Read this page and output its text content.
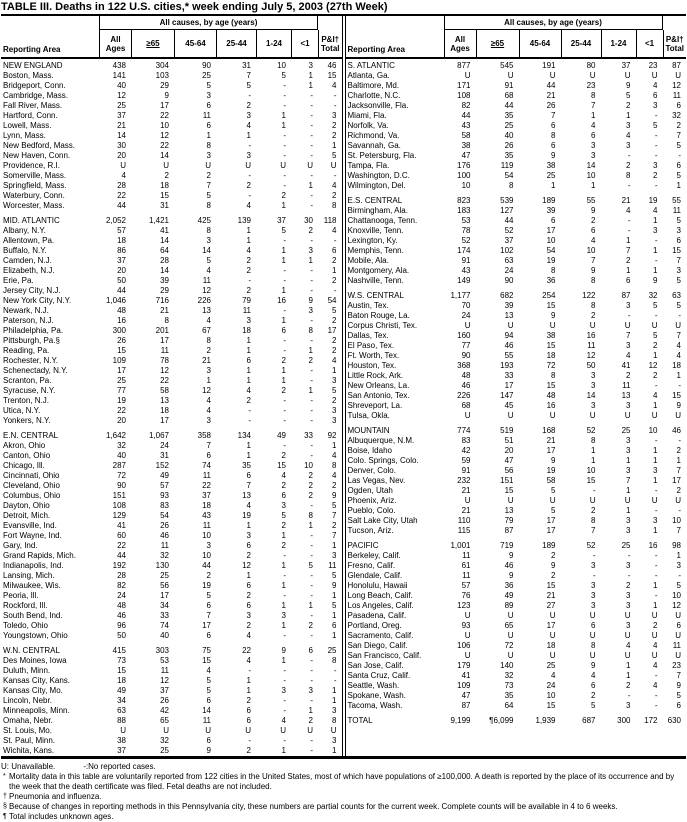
TABLE III. Deaths in 122 U.S. cities,* week ending July 5, 2003 (27th Week)
All causes, by age (years)
Reporting Area
All Ages	≥65	45-64	25-44	1-24	<1	P&I† Total
NEW ENGLAND	438	304	90	31	10	3	46
Boston, Mass.	141	103	25	7	5	1	15
Bridgeport, Conn.	40	29	5	5	-	1	4
Cambridge, Mass.	12	9	3	-	-	-	-
Fall River, Mass.	25	17	6	2	-	-	-
Hartford, Conn.	37	22	11	3	1	-	3
Lowell, Mass.	21	10	6	4	1	-	2
Lynn, Mass.	14	12	1	1	-	-	2
New Bedford, Mass.	30	22	8	-	-	-	1
New Haven, Conn.	20	14	3	3	-	-	5
Providence, R.I.	U	U	U	U	U	U	U
Somerville, Mass.	4	2	2	-	-	-	-
Springfield, Mass.	28	18	7	2	-	1	4
Waterbury, Conn.	22	15	5	-	2	-	2
Worcester, Mass.	44	31	8	4	1	-	8
MID. ATLANTIC	2,052	1,421	425	139	37	30	118
Albany, N.Y.	57	41	8	1	5	2	4
Allentown, Pa.	18	14	3	1	-	-	-
Buffalo, N.Y.	86	64	14	4	1	3	6
Camden, N.J.	37	28	5	2	1	1	2
Elizabeth, N.J.	20	14	4	2	-	-	1
Erie, Pa.	50	39	11	-	-	-	2
Jersey City, N.J.	44	29	12	2	1	-	-
New York City, N.Y.	1,046	716	226	79	16	9	54
Newark, N.J.	48	21	13	11	-	3	5
Paterson, N.J.	16	8	4	3	1	-	2
Philadelphia, Pa.	300	201	67	18	6	8	17
Pittsburgh, Pa.§	26	17	8	1	-	-	2
Reading, Pa.	15	11	2	1	-	1	2
Rochester, N.Y.	109	78	21	6	2	2	4
Schenectady, N.Y.	17	12	3	1	1	-	1
Scranton, Pa.	25	22	1	1	1	-	3
Syracuse, N.Y.	77	58	12	4	2	1	5
Trenton, N.J.	19	13	4	2	-	-	2
Utica, N.Y.	22	18	4	-	-	-	3
Yonkers, N.Y.	20	17	3	-	-	-	3
E.N. CENTRAL	1,642	1,067	358	134	49	33	92
Akron, Ohio	32	24	7	1	-	-	1
Canton, Ohio	40	31	6	1	2	-	4
Chicago, Ill.	287	152	74	35	15	10	8
Cincinnati, Ohio	72	49	11	6	4	2	4
Cleveland, Ohio	90	57	22	7	2	2	2
Columbus, Ohio	151	93	37	13	6	2	9
Dayton, Ohio	108	83	18	4	3	-	5
Detroit, Mich.	129	54	43	19	5	8	7
Evansville, Ind.	41	26	11	1	2	1	2
Fort Wayne, Ind.	60	46	10	3	1	-	7
Gary, Ind.	22	11	3	6	2	-	1
Grand Rapids, Mich.	44	32	10	2	-	-	3
Indianapolis, Ind.	192	130	44	12	1	5	11
Lansing, Mich.	28	25	2	1	-	-	5
Milwaukee, Wis.	82	56	19	6	1	-	9
Peoria, Ill.	24	17	5	2	-	-	1
Rockford, Ill.	48	34	6	6	1	1	5
South Bend, Ind.	46	33	7	3	3	-	1
Toledo, Ohio	96	74	17	2	1	2	6
Youngstown, Ohio	50	40	6	4	-	-	1
W.N. CENTRAL	415	303	75	22	9	6	25
Des Moines, Iowa	73	53	15	4	1	-	8
Duluth, Minn.	15	11	4	-	-	-	-
Kansas City, Kans.	18	12	5	1	-	-	-
Kansas City, Mo.	49	37	5	1	3	3	1
Lincoln, Nebr.	34	26	6	2	-	-	1
Minneapolis, Minn.	63	42	14	6	-	1	3
Omaha, Nebr.	88	65	11	6	4	2	8
St. Louis, Mo.	U	U	U	U	U	U	U
St. Paul, Minn.	38	32	6	-	-	-	3
Wichita, Kans.	37	25	9	2	1	-	1
All causes, by age (years)
Reporting Area
All Ages	≥65	45-64	25-44	1-24	<1	P&I† Total
S. ATLANTIC	877	545	191	80	37	23	87
Atlanta, Ga.	U	U	U	U	U	U	U
Baltimore, Md.	171	91	44	23	9	4	12
Charlotte, N.C.	108	68	21	8	5	6	11
Jacksonville, Fla.	82	44	26	7	2	3	6
Miami, Fla.	44	35	7	1	1	-	32
Norfolk, Va.	43	25	6	4	3	5	2
Richmond, Va.	58	40	8	6	4	-	7
Savannah, Ga.	38	26	6	3	3	-	5
St. Petersburg, Fla.	47	35	9	3	-	-	-
Tampa, Fla.	176	119	38	14	2	3	6
Washington, D.C.	100	54	25	10	8	2	5
Wilmington, Del.	10	8	1	1	-	-	1
E.S. CENTRAL	823	539	189	55	21	19	55
Birmingham, Ala.	183	127	39	9	4	4	11
Chattanooga, Tenn.	53	44	6	2	-	1	5
Knoxville, Tenn.	78	52	17	6	-	3	3
Lexington, Ky.	52	37	10	4	1	-	6
Memphis, Tenn.	174	102	54	10	7	1	15
Mobile, Ala.	91	63	19	7	2	-	7
Montgomery, Ala.	43	24	8	9	1	1	3
Nashville, Tenn.	149	90	36	8	6	9	5
W.S. CENTRAL	1,177	682	254	122	87	32	63
Austin, Tex.	70	39	15	8	3	5	5
Baton Rouge, La.	24	13	9	2	-	-	-
Corpus Christi, Tex.	U	U	U	U	U	U	U
Dallas, Tex.	160	94	38	16	7	5	7
El Paso, Tex.	77	46	15	11	3	2	4
Ft. Worth, Tex.	90	55	18	12	4	1	4
Houston, Tex.	368	193	72	50	41	12	18
Little Rock, Ark.	48	33	8	3	2	2	1
New Orleans, La.	46	17	15	3	11	-	-
San Antonio, Tex.	226	147	48	14	13	4	15
Shreveport, La.	68	45	16	3	3	1	9
Tulsa, Okla.	U	U	U	U	U	U	U
MOUNTAIN	774	519	168	52	25	10	46
Albuquerque, N.M.	83	51	21	8	3	-	-
Boise, Idaho	42	20	17	1	3	1	2
Colo. Springs, Colo.	59	47	9	1	1	1	1
Denver, Colo.	91	56	19	10	3	3	7
Las Vegas, Nev.	232	151	58	15	7	1	17
Ogden, Utah	21	15	5	-	1	-	2
Phoenix, Ariz.	U	U	U	U	U	U	U
Pueblo, Colo.	21	13	5	2	1	-	-
Salt Lake City, Utah	110	79	17	8	3	3	10
Tucson, Ariz.	115	87	17	7	3	1	7
PACIFIC	1,001	719	189	52	25	16	98
Berkeley, Calif.	11	9	2	-	-	-	1
Fresno, Calif.	61	46	9	3	3	-	3
Glendale, Calif.	11	9	2	-	-	-	-
Honolulu, Hawaii	57	36	15	3	2	1	5
Long Beach, Calif.	76	49	21	3	3	-	10
Los Angeles, Calif.	123	89	27	3	3	1	12
Pasadena, Calif.	U	U	U	U	U	U	U
Portland, Oreg.	93	65	17	6	3	2	6
Sacramento, Calif.	U	U	U	U	U	U	U
San Diego, Calif.	106	72	18	8	4	4	11
San Francisco, Calif.	U	U	U	U	U	U	U
San Jose, Calif.	179	140	25	9	1	4	23
Santa Cruz, Calif.	41	32	4	4	1	-	7
Seattle, Wash.	109	73	24	6	2	4	9
Spokane, Wash.	47	35	10	2	-	-	5
Tacoma, Wash.	87	64	15	5	3	-	6
TOTAL	9,199	¶6,099	1,939	687	300	172	630
U: Unavailable.	-:No reported cases.
* Mortality data in this table are voluntarily reported from 122 cities in the United States, most of which have populations of ≥100,000. A death is reported by the place of its occurrence and by the week that the death certificate was filed. Fetal deaths are not included.
† Pneumonia and influenza.
§ Because of changes in reporting methods in this Pennsylvania city, these numbers are partial counts for the current week. Complete counts will be available in 4 to 6 weeks.
¶ Total includes unknown ages.
